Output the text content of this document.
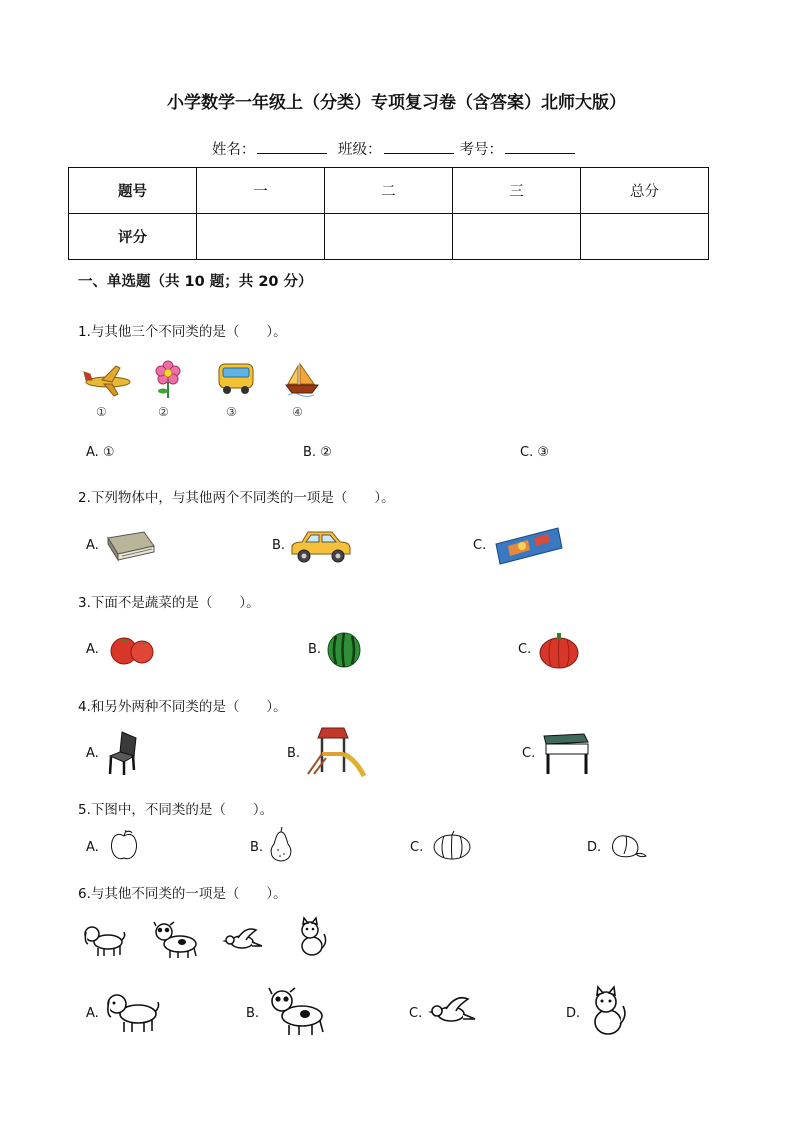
小学数学一年级上（分类）专项复习卷（含答案）北师大版）
姓名：	班级：	考号：
题号	一	二	三	总分
评分				
一、单选题（共 10 题；共 20 分）
1.与其他三个不同类的是（　　）。
①	②	③	④
A. ①	B. ②	C. ③
2.下列物体中，与其他两个不同类的一项是（　　）。
A.	B.	C.
3.下面不是蔬菜的是（　　）。
A.	B.	C.
4.和另外两种不同类的是（　　）。
A.	B.	C.
5.下图中，不同类的是（　　）。
A.	B.	C.	D.
6.与其他不同类的一项是（　　）。
A.	B.	C.	D.
